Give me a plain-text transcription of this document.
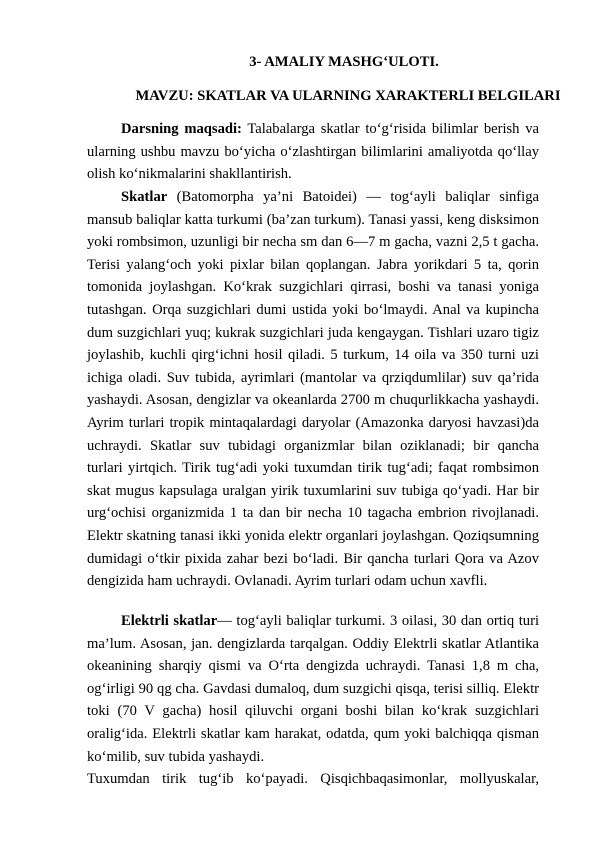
3- AMALIY MASHG‘ULOTI.
MAVZU: SKATLAR VA ULARNING XARAKTERLI BELGILARI

Darsning maqsadi: Talabalarga skatlar to‘g‘risida bilimlar berish va ularning ushbu mavzu bo‘yicha o‘zlashtirgan bilimlarini amaliyotda qo‘llay olish ko‘nikmalarini shakllantirish.

Skatlar (Batomorpha ya’ni Batoidei) — tog‘ayli baliqlar sinfiga mansub baliqlar katta turkumi (ba’zan turkum). Tanasi yassi, keng disksimon yoki rombsimon, uzunligi bir necha sm dan 6—7 m gacha, vazni 2,5 t gacha. Terisi yalang‘och yoki pixlar bilan qoplangan. Jabra yorikdari 5 ta, qorin tomonida joylashgan. Ko‘krak suzgichlari qirrasi, boshi va tanasi yoniga tutashgan. Orqa suzgichlari dumi ustida yoki bo‘lmaydi. Anal va kupincha dum suzgichlari yuq; kukrak suzgichlari juda kengaygan. Tishlari uzaro tigiz joylashib, kuchli qirg‘ichni hosil qiladi. 5 turkum, 14 oila va 350 turni uzi ichiga oladi. Suv tubida, ayrimlari (mantolar va qrziqdumlilar) suv qa’rida yashaydi. Asosan, dengizlar va okeanlarda 2700 m chuqurlikkacha yashaydi. Ayrim turlari tropik mintaqalardagi daryolar (Amazonka daryosi havzasi)da uchraydi. Skatlar suv tubidagi organizmlar bilan oziklanadi; bir qancha turlari yirtqich. Tirik tug‘adi yoki tuxumdan tirik tug‘adi; faqat rombsimon skat mugus kapsulaga uralgan yirik tuxumlarini suv tubiga qo‘yadi. Har bir urg‘ochisi organizmida 1 ta dan bir necha 10 tagacha embrion rivojlanadi. Elektr skatning tanasi ikki yonida elektr organlari joylashgan. Qoziqsumning dumidagi o‘tkir pixida zahar bezi bo‘ladi. Bir qancha turlari Qora va Azov dengizida ham uchraydi. Ovlanadi. Ayrim turlari odam uchun xavfli.

Elektrli skatlar— tog‘ayli baliqlar turkumi. 3 oilasi, 30 dan ortiq turi ma’lum. Asosan, jan. dengizlarda tarqalgan. Oddiy Elektrli skatlar Atlantika okeanining sharqiy qismi va O‘rta dengizda uchraydi. Tanasi 1,8 m cha, og‘irligi 90 qg cha. Gavdasi dumaloq, dum suzgichi qisqa, terisi silliq. Elektr toki (70 V gacha) hosil qiluvchi organi boshi bilan ko‘krak suzgichlari oralig‘ida. Elektrli skatlar kam harakat, odatda, qum yoki balchiqqa qisman ko‘milib, suv tubida yashaydi.
Tuxumdan tirik tug‘ib ko‘payadi. Qisqichbaqasimonlar, mollyuskalar,
